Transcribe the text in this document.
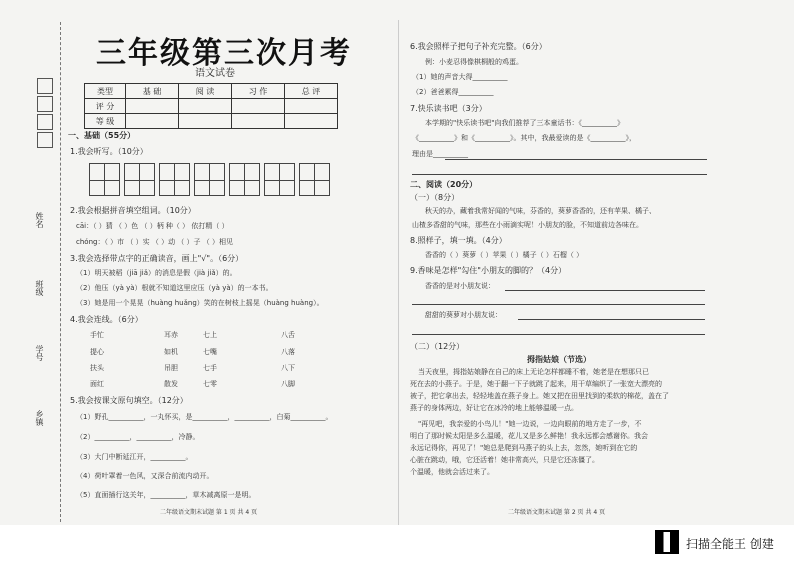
三年级第三次月考
语文试卷
姓名
班级
学号
乡镇
类型	基 础	阅 读	习 作	总 评
评 分				
等 级				
一、基础（55分）
1.我会听写。（10分）
2.我会根据拼音填空组词。（10分）
cāi：（ ）猜 （ ）色 （ ）柄 种（ ） 依打精（ ）
chóng：（ ）市 （ ）实 （ ）动 （ ）子 （ ）相见
3.我会选择带点字的正确读音，画上"√"。（6分）
（1）明天被稻（jiā jiǎ）的消息是假（jià jiǎ）的。
（2）他压（yà yà）根就不知道这里应压（yà yà）的一本书。
（3）她是用一个晃晃（huàng huǎng）笑的在树枝上摇晃（huàng huàng）。
4.我会连线。（6分）
手忙	耳赤	七上	八舌
提心	如机	七嘴	八落
扶头	吊胆	七手	八下
面红	散发	七零	八脚
5.我会按课文原句填空。（12分）
（1）野孔__________，一丸怀买，是__________，__________，白菊__________。
（2）__________，__________，冷静。
（3）大门中断延江开，__________。
（4）荷叶罩着一色风，又深合前流内动开。
（5）直面插行这关年，__________，草木减离原一是明。
二年级语文期末试题 第 1 页 共 4 页
6.我会照样子把句子补充完整。（6分）
例：小麦忍得像棋桐般的鸡蛋。
（1）她的声音大得__________
（2）爸爸累得__________
7.快乐读书吧（3分）
本学期的"快乐读书吧"向我们推荐了三本童话书：《__________》
《__________》和《__________》。其中，我最爱读的是《__________》，
理由是__________
二、阅读（20分）
（一）（8分）
秋天的办，藏着我常好闻的气味，芬香的，葵萝香香的，还有苹果、橘子、
山楂多香甜的气味，那些在小雨滴实呢！小朋友的脸，不知道前边各味在。
8.照样子，填一填。（4分）
香香的（ ）葵萝（ ）苹果（ ）橘子（ ）石榴（ ）
9.香味是怎样"勾住"小朋友的脚的？（4分）
香香的是对小朋友说：
甜甜的葵萝对小朋友说：
（二）（12分）
拇指姑娘（节选）
当天夜里，拇指姑娘静在自己的床上无论怎样都睡不着，她老是在想那只已
死在去的小燕子。于是，她于翻一下子就跳了起来，用干草编织了一张宽大漂亮的
被子，把它拿出去，轻轻地盖在燕子身上。她又把在田里找到的柔软的棉花，盖在了
燕子的身体两边，好让它在冰冷的地上能够温暖一点。
"再见吧，我亲爱的小鸟儿！"她一边说，一边向眼前的地方走了一步，不
明白了那时候太阳是多么温暖，花儿又是多么鲜艳！我永远都会感谢你。我会
永远记得你，再见了！"她总是爬到马燕子的头上去，忽然，她听到在它的
心脏在跳动，哦，它还活着！她非常高兴，只是它还冻僵了。
个温暖，他就会活过来了。
二年级语文期末试题 第 2 页 共 4 页
扫描全能王 创建
